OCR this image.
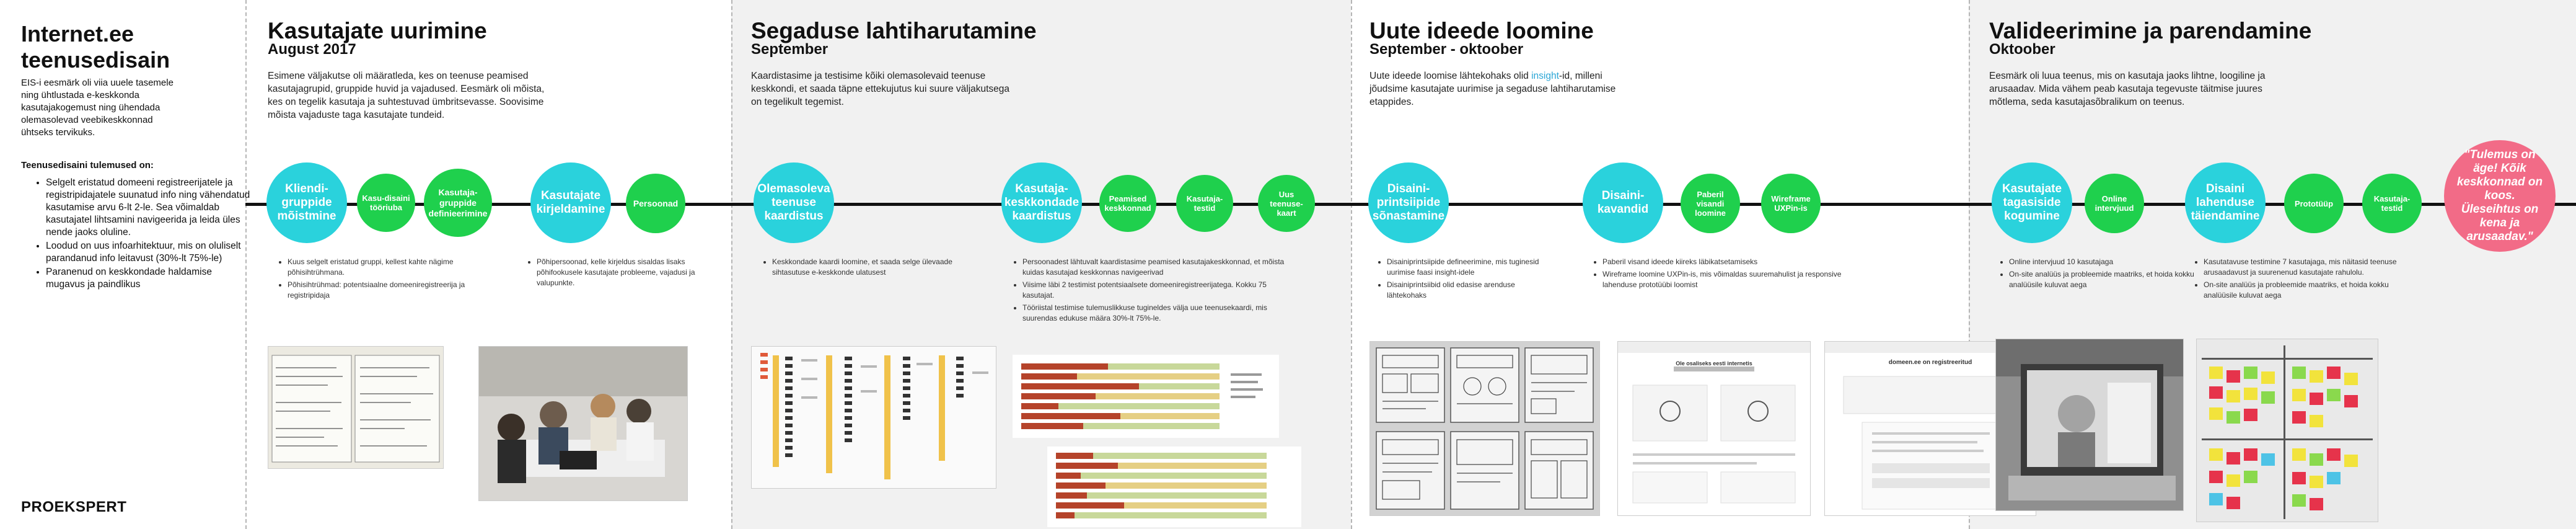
Internet.ee teenusedisain

EIS-i eesmärk oli viia uuele tasemele ning ühtlustada e-keskkonda kasutajakogemust ning ühendada olemasolevad veebikeskkonnad ühtseks tervikuks.

Teenusedisaini tulemused on:

• Selgelt eristatud domeeni registreerijatele ja registripidajatele suunatud info ning vähendatud kasutamise arvu 6-lt 2-le. Sea võimaldab kasutajatel lihtsamini navigeerida ja leida üles nende jaoks oluline.
• Loodud on uus infoarhitektuur, mis on oluliselt parandanud info leitavust (30%-lt 75%-le)
• Paranenud on keskkondade haldamise mugavus ja paindlikus
PROEKSPERT
Kasutajate uurimine

August 2017

Esimene väljakutse oli määratleda, kes on teenuse peamised kasutajagrupid, gruppide huvid ja vajadused. Eesmärk oli mõista, kes on tegelik kasutaja ja suhtestuvad ümbritsevasse. Soovisime mõista vajaduste taga kasutajate tundeid.

Kliendi-gruppide mõistmine
Kasu-disaini tööriuba
Kasutaja-gruppide definieerimine
Kasutajate kirjeldamine	Persoonad
• Kuus selgelt eristatud gruppi, kellest kahte nägime põhisihtrühmana.
• Põhisihtrühmad: potentsiaalne domeeniregistreerija ja registripidaja
• Põhipersoonad, kelle kirjeldus sisaldas lisaks põhifookusele kasutajate probleeme, vajadusi ja valupunkte.
Segaduse lahtiharutamine

September

Kaardistasime ja testisime kõiki olemasolevaid teenuse keskkondi, et saada täpne ettekujutus kui suure väljakutsega on tegelikult tegemist.

Olemasoleva teenuse kaardistus
Kasutaja-keskkondade kaardistus
Peamised keskkonnad
Kasutaja-testid
Uus teenuse-kaart
• Keskkondade kaardi loomine, et saada selge ülevaade sihtasutuse e-keskkonde ulatusest
• Persoonadest lähtuvalt kaardistasime peamised kasutajakeskkonnad, et mõista kuidas kasutajad keskkonnas navigeerivad
• Viisime läbi 2 testimist potentsiaalsete domeeniregistreerijatega. Kokku 75 kasutajat.
• Tööriistal testimise tulemuslikkuse tugineldes välja uue teenusekaardi, mis suurendas edukuse määra 30%-lt 75%-le.
Uute ideede loomine

September - oktoober

Uute ideede loomise lähtekohaks olid insight-id, milleni jõudsime kasutajate uurimise ja segaduse lahtiharutamise etappides.

Disaini-printsiipide sõnastamine
Disaini-kavandid
Paberil visandi loomine
Wireframe UXPin-is
• Disainiprintsiipide defineerimine, mis tuginesid uurimise faasi insight-idele
• Disainiprintsiibid olid edasise arenduse lähtekohaks
• Paberil visand ideede kiireks läbikatsetamiseks
• Wireframe loomine UXPin-is, mis võimaldas suuremahulist ja responsive lahenduse prototüübi loomist
Ole osaliseks eesti internetis	domeen.ee on registreeritud
Valideerimine ja parendamine

Oktoober

Eesmärk oli luua teenus, mis on kasutaja jaoks lihtne, loogiline ja arusaadav. Mida vähem peab kasutaja tegevuste täitmise juures mõtlema, seda kasutajasõbralikum on teenus.

Kasutajate tagasiside kogumine
Online intervjuud
Disaini lahenduse täiendamine
Prototüüp	Kasutaja-testid
"Tulemus on äge! Kõik keskkonnad on koos. Üleseihtus on kena ja arusaadav."
• Online intervjuud 10 kasutajaga
• On-site analüüs ja probleemide maatriks, et hoida kokku analüüsile kuluvat aega
• Kasutatavuse testimine 7 kasutajaga, mis näitasid teenuse arusaadavust ja suurenenud kasutajate rahulolu.
• On-site analüüs ja probleemide maatriks, et hoida kokku analüüsile kuluvat aega
